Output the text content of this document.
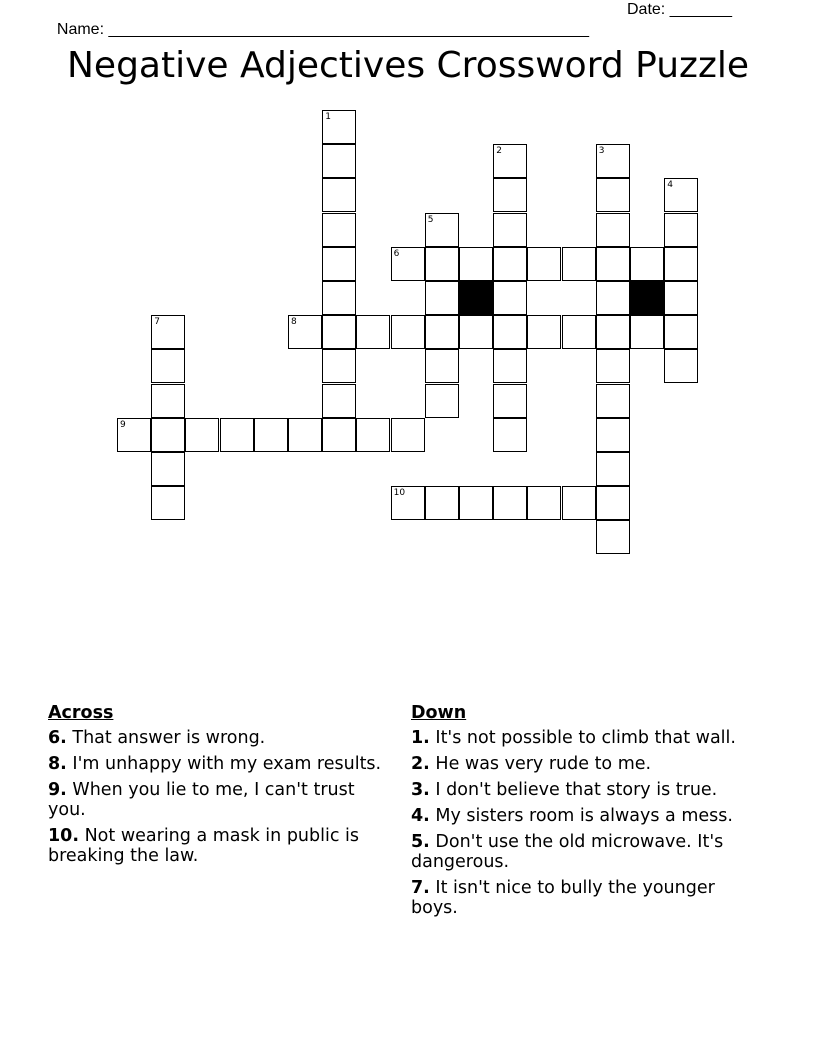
Name: ______________________________________________________

Date: _______

Negative Adjectives Crossword Puzzle
1
2	3
4
5
7
6
8
9
10
Across
6. That answer is wrong.
8. I'm unhappy with my exam results.
9. When you lie to me, I can't trust you.
10. Not wearing a mask in public is breaking the law.
Down
1. It's not possible to climb that wall.
2. He was very rude to me.
3. I don't believe that story is true.
4. My sisters room is always a mess.
5. Don't use the old microwave. It's dangerous.
7. It isn't nice to bully the younger boys.
